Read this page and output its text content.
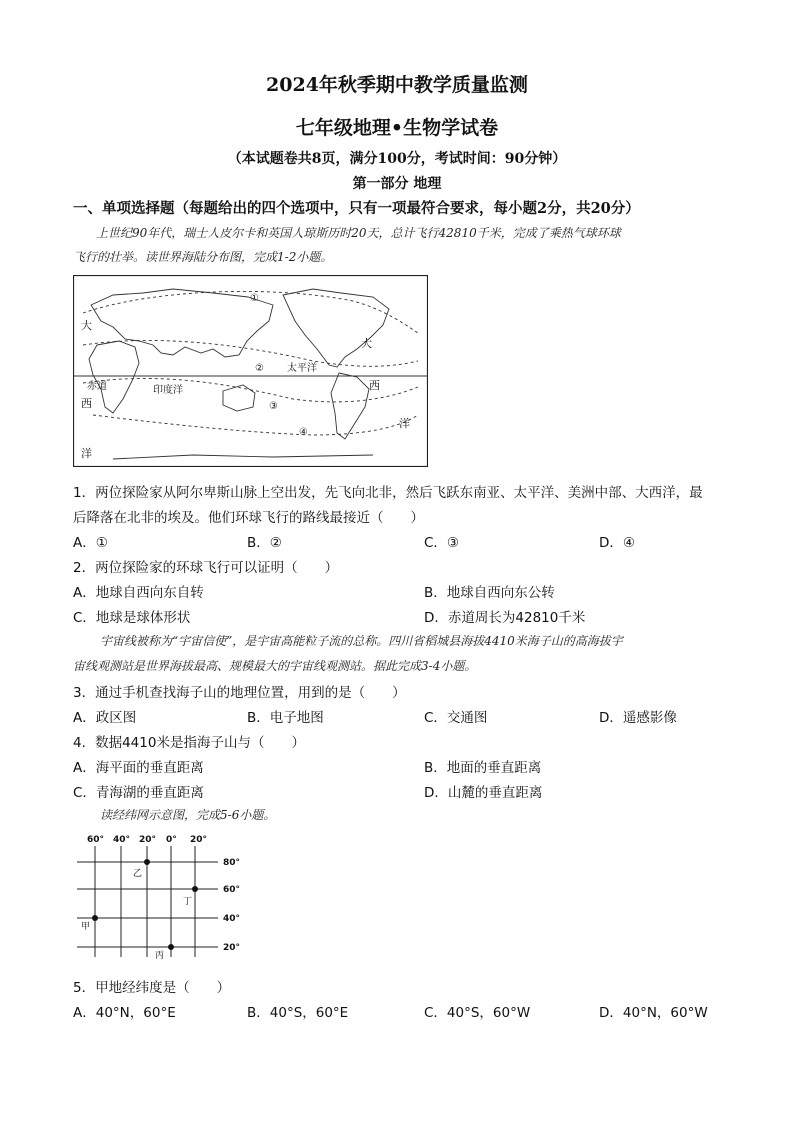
2024年秋季期中教学质量监测
七年级地理•生物学试卷
（本试题卷共8页，满分100分，考试时间：90分钟）
第一部分 地理
一、单项选择题（每题给出的四个选项中，只有一项最符合要求，每小题2分，共20分）
上世纪90年代，瑞士人皮尔卡和英国人琼斯历时20天，总计飞行42810千米，完成了乘热气球环球
飞行的壮举。读世界海陆分布图，完成1-2小题。
大
大
太平洋
赤道	印度洋
西
西
洋
洋
①
②
③
④
1．两位探险家从阿尔卑斯山脉上空出发，先飞向北非，然后飞跃东南亚、太平洋、美洲中部、大西洋，最
后降落在北非的埃及。他们环球飞行的路线最接近（　　）
A．①	B．②	C．③	D．④
2．两位探险家的环球飞行可以证明（　　）
A．地球自西向东自转	B．地球自西向东公转
C．地球是球体形状	D．赤道周长为42810千米
宇宙线被称为“宇宙信使”，是宇宙高能粒子流的总称。四川省稻城县海拔4410米海子山的高海拔宇
宙线观测站是世界海拔最高、规模最大的宇宙线观测站。据此完成3-4小题。
3．通过手机查找海子山的地理位置，用到的是（　　）
A．政区图	B．电子地图	C．交通图	D．遥感影像
4．数据4410米是指海子山与（　　）
A．海平面的垂直距离	B．地面的垂直距离
C．青海湖的垂直距离	D．山麓的垂直距离
读经纬网示意图，完成5-6小题。
60° 40° 20° 0° 20°
80°
60°
40°
20°
乙
丁
甲
丙
5．甲地经纬度是（　　）
A．40°N，60°E	B．40°S，60°E	C．40°S，60°W	D．40°N，60°W
